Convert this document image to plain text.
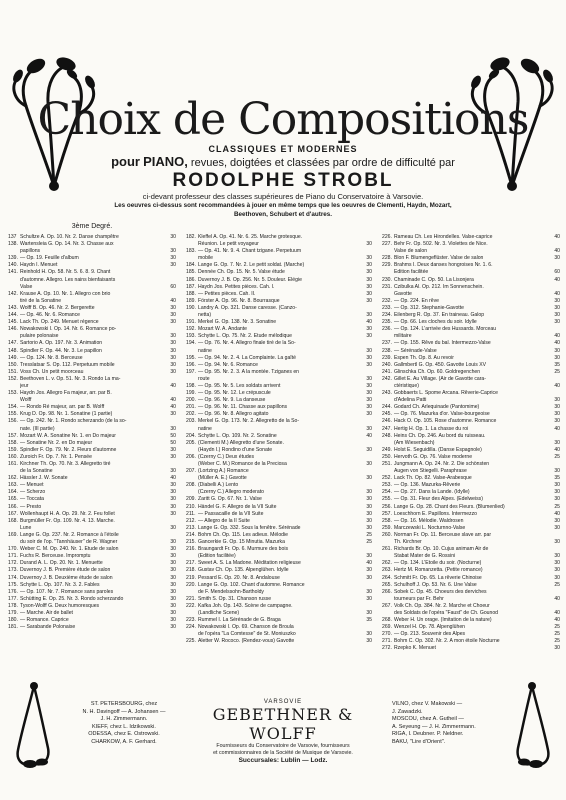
Choix de Compositions
CLASSIQUES ET MODERNES
pour PIANO, revues, doigtées et classées par ordre de difficulté par
RODOLPHE STROBL
ci-devant professeur des classes supérieures de Piano du Conservatoire à Varsovie.
Les oeuvres ci-dessus sont recommandées à jouer en même temps que les oeuvres de Clementi, Haydn, Mozart,
Beethoven, Schubert et d'autres.
3ème Degré.
137 Schultze A. Op. 10. Nr. 2. Danse champêtre	30
138. Wartensleia G. Op. 14. Nr. 3. Chasse aux
papillons	30
139. — Op. 19. Feuille d'album	30
140. Haydn I. Menuet	30
141. Reinhold H. Op. 58. Nr. 5. 6. 8. 9. Chant
d'automne. Allegro. Les nains bienfaisants
Valse	60
142. Krause A. Op. 10. Nr. 1. Allegro con brio
tiré de la Sonatine	40
143. Wolff B. Op. 46. Nr. 2. Bergerette	30
144. — Op. 46. Nr. 6. Romance	30
145. Lack Th. Op. 249. Menuet régence	30
146. Nowakowski I. Op. 14. Nr. 6. Romance po-
pulaire polonaise	30
147. Sartorio A. Op. 197. Nr. 3. Animation	30
148. Spindler F. Op. 44. Nr. 3. Le papillon	30
149. — Op. 124. Nr. 8. Berceuse	30
150. Tresslatsar S. Op. 112. Perpetuum mobile	30
151. Voss Ch. Un petit moorceau	30
152. Beethoven L. v. Op. 51. Nr. 3. Rondo La ma-
jeur	40
153. Haydn Jos. Allegro Fa majeur, arr. par B.
Wolff	40
154. — Rondo Ré majeur, arr. par B. Wolff	40
155. Krug D. Op. 98. Nr. 1. Sonatine (1 partie)	30
156. — Op. 242. Nr. 1. Rondo scherzando (de la so-
nate. (III partie)	30
157. Mozart W. A. Sonatine Nr. 1. en Do majeur	50
158. — Sonatine Nr. 2. en Do majeur	50
159. Spindler F. Op. 79. Nr. 2. Fleurs d'automne	30
160. Zuroich Fr. Op. 7. Nr. 1. Pensée	30
161. Kirchner Th. Op. 70. Nr. 3. Allegretto tiré
de la Sonatine	30
162. Hässler J. W. Sonate	40
163. — Menuet	30
164. — Scherzo	30
165. — Toccata	30
166. — Presto	30
167. Wollenhaupt H. A. Op. 29. Nr. 2. Feu follet	30
168. Burgmüller Fr. Op. 109. Nr. 4. 13. Marche.
Lune	30
169. Lange G. Op. 237. Nr. 2. Romance à l'étoile
du soir de l'op. "Tannhäuser" de R. Wagner	30
170. Weber C. M. Op. 240. Nr. 1. Etude de salon	30
171. Fuchs R. Berceuse. Impromptu	30
172. Durand A. L. Op. 20. Nr. 1. Menuette	30
173. Duvernoy J. B. Première étude de salon	30
174. Duvernoy J. B. Deuxième étude de salon	30
175. Schytte L. Op. 107. Nr. 3. 2. Fables	30
176. — Op. 107. Nr. 7. Romance sans paroles	30
177. Schütting E. Op. 25. Nr. 3. Rondo scherzando	30
178. Tyson-Wolff G. Deux humoresques	30
179. — Marche. Air de ballet	30
180. — Romance. Caprice	30
181. — Sarabande Polonaise	30
182. Kleffel A. Op. 41. Nr. 6. 25. Marche grotesque.
Réunion. Le petit voyageur	30
183. — Op. 41. Nr. 9. 4. Chant tzigane. Perpetuum
mobile	30
184. Lange G. Op. 7. Nr. 2. Le petit soldat. (Marche)	30
185. Dennée Ch. Op. 15. Nr. 5. Valse étude	30
186. Duvernoy J. B. Op. 256. Nr. 5. Douleur. Élégie	30
187. Haydn Jos. Petites pièces. Cah. I.	30
188. — Petites pièces. Cah. II.	30
189. Förster A. Op. 96. Nr. 8. Bourrasque	30
190. Landry A. Op. 321. Danse caresse. (Canzo-
netta)	30
191. Merkel G. Op. 138. Nr. 3. Sonatine	40
192. Mozart W. A. Andante	30
193. Schytte L. Op. 75. Nr. 2. Etude mélodique	30
194. — Op. 76. Nr. 4. Allegro finale tiré de la So-
natine	30
195. — Op. 94. Nr. 2. 4. La Complainte. La gaîté	30
196. — Op. 94. Nr. 6. Romance	30
197. — Op. 95. Nr. 2. 3. A la montée. Tziganes en
route	30
198. — Op. 95. Nr. 5. Les soldats arrivent	30
199. — Op. 95. Nr. 12. Le crépuscule	30
200. — Op. 96. Nr. 9. La danseuse	30
201. — Op. 96. Nr. 11. Chasse aux papillons	30
202. — Op. 96. Nr. 8. Allegro agitato	30
203. Merkel G. Op. 173. Nr. 2. Allegretto de la So-
natine	30
204. Schytte L. Op. 109. Nr. 2. Sonatine	40
205. (Clementi M.) Allegretto d'une Sonate.
(Haydn I.) Rondino d'une Sonate	30
206. (Czerny C.) Deux études
(Weber C. M.) Romance de la Preciosa	30
207. (Lortzing A.) Romance
(Müller A. E.) Gavotte	30
208. (Diabelli A.) Lento
(Czerny C.) Allegro moderato	30
209. Zaritt G. Op. 67. Nr. 1. Valse	30
210. Händel G. F. Allegro de la VII Suite	30
211. — Passacaille de la VII Suite	30
212. — Allegro de la II Suite	30
213. Lange G. Op. 332. Sous la fenêtre. Sérénade	30
214. Bohm Ch. Op. 115. Les adieux. Mélodie	25
215. Gancerkie G. Op. 15 Minutia. Mazurka	25
216. Braungardt Fr. Op. 6. Murmure des bois
(Edition facilitée)	30
217. Sweet A. S. La Madone. Méditation religieuse	40
218. Gustav Ch. Op. 135. Alpenglühen. Idylle	30
219. Pessard E. Op. 20. Nr. 8. Andalouse	30
220. Lange G. Op. 102. Chant d'automne. Romance
de F. Mendelssohn-Bartholdy	30
221. Smith S. Op. 31. Chanson russe	30
222. Kafka Joh. Op. 143. Scène de campagne.
(Landliche Scene)	30
223. Rummel I. La Sérénade de G. Braga	35
224. Nowakowski I. Op. 69. Chanson de Broula
de l'opéra "La Comtesse" de St. Moniuszko	30
225. Aletter W. Rococo. (Rendez-vous) Gavotte	30
226. Rameau Ch. Les Hirondelles. Valse-caprice	40
227. Behr Fr. Op. 502. Nr. 3. Violettes de Nice.
Valse de salon	40
228. Blon F. Blumengeflüster. Valse de salon	30
229. Brahms I. Deux danses hongroises Nr. 1. 6.
Edition facilitée	60
230. Chaminade C. Op. 50. La Lisonjera	40
231. Czibulka Al. Op. 212. Im Sonnenschein.
Gavotte	40
232. — Op. 224. En rêve	30
233. — Op. 312. Stephanie-Gavotte	30
234. Eilenberg R. Op. 37. En traineau. Galop	30
235. — Op. 66. Les cloches du soir. Idylle	30
236. — Op. 124. L'arrivée des Hussards. Morceau
militaire	40
237. — Op. 155. Rêve du bal. Intermezzo-Valse	40
238. — Sérénade-Valse	30
239. Espen Th. Op. 8. Au revoir	30
240. Gallmbertl G. Op. 450. Gavotte Louis XV	35
241. Glinschka Ch. Op. 60. Goldregenchen	25
242. Gillet E. Au Village. (Air de Gavotte cara-
ctéristique)	40
243. Gobbaerts L. Spome Arcana. Rêverie-Caprice
d'Adelina Patti	30
244. Godard Ch. Arlequinade (Pantomime)	30
245. — Op. 76. Mazurka d'or. Valse-bourgeoise	30
246. Hack O. Op. 105. Rose d'automne. Romance	30
247. Hertig H. Op. 1. La chasse du roi	40
248. Heins Ch. Op. 246. Au bord du ruisseau.
(Am Wiesenbach)	30
249. Holst E. Seguidilla. (Danse Espagnole)	40
250. Hervoth G. Op. 76. Valse moderne	25
251. Jungmann A. Op. 24. Nr. 2. Die schönsten
Augen von Stiegelli. Paraphrase	30
252. Lack Th. Op. 82. Valse-Arabesque	35
253. — Op. 136. Mazurka-Rêverie	30
254. — Op. 27. Dans la Lande. (Idylle)	30
255. — Op. 31. Fleur des Alpes. (Edelweiss)	30
256. Lange G. Op. 28. Chant des Fleurs. (Blumenlied)	25
257. Loeschhorn E. Papillons. Intermezzo	40
258. — Op. 16. Mélodie. Waldrosen	30
259. Marczewski L. Nocturnno-Valse	30
260. Norman Fr. Op. 11. Berceuse slave arr. par
Th. Kirchner	30
261. Richards Br. Op. 10. Cujus animam Air de
Stabat Mater de G. Rossini	30
262. — Op. 134. L'Etoile du soir. (Nocturne)	30
263. Hertz M. Romanzetta. (Petite romance)	30
264. Schmitt Fr. Op. 65. La rêverie Chinoise	30
265. Schulhoff J. Op. 53. Nr. 6. Une Valse	25
266. Sobek C. Op. 45. Choeurs des derviches
tourneurs par Fr. Behr	40
267. Volk Ch. Op. 384. Nr. 2. Marche et Choeur
des Soldats de l'opéra "Faust" de Ch. Gounod	40
268. Weber H. Un orage. (Imitation de la nature)	40
269. Wenzel H. Op. 78. Alpenglühen	25
270. — Op. 213. Souvenir des Alpes	25
271. Bohm C. Op. 302. Nr. 2. A mon étoile Nocturne	25
272. Rzepko K. Menuet	30
ST. PETERSBOURG, chez
N. H. Davingoff — A. Johansen —
J. H. Zimmermann.
KIEFF, chez L. Idzikowski.
ODESSA, chez E. Ostrowski.
CHARKOW, A. F. Gerhard.
VARSOVIE
GEBETHNER & WOLFF
Fournisseurs du Conservatoire de Varsovie, fournisseurs
et commissionnaires de la Société de Musique de Varsovie.
Succursales: Lublin — Lodz.
VILNO, chez V. Makowski —
J. Zawadzki.
MOSCOU, chez A. Gutheil —
A. Seyeung — J. H. Zimmermann.
RIGA, I. Deubner. P. Neldner.
BAKU, "Lire d'Orient".
